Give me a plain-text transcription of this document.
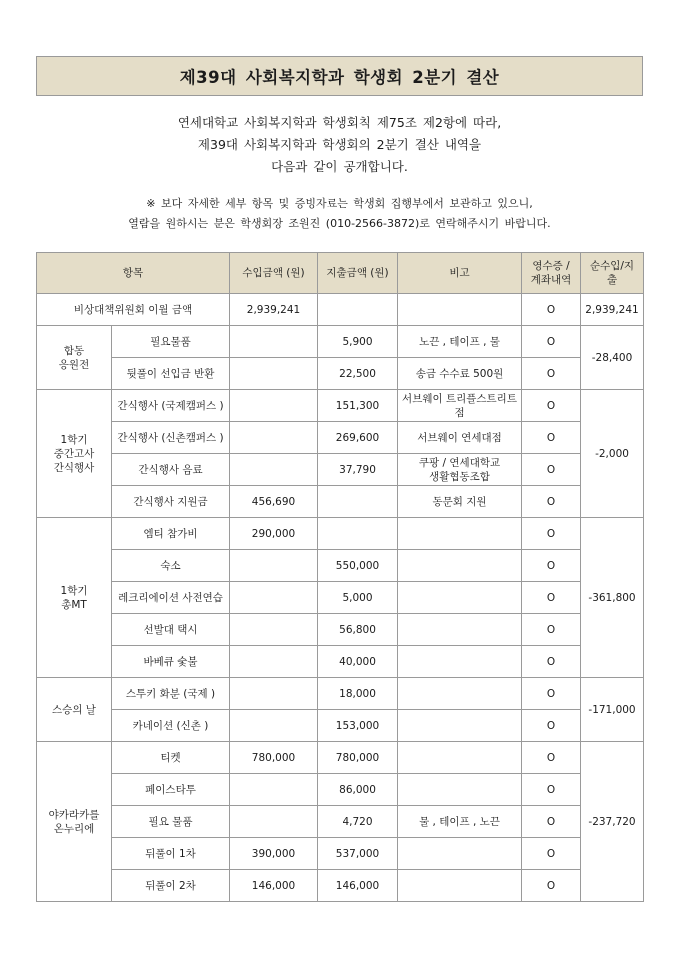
제39대 사회복지학과 학생회 2분기 결산
연세대학교 사회복지학과 학생회칙 제75조 제2항에 따라,
제39대 사회복지학과 학생회의 2분기 결산 내역을
다음과 같이 공개합니다.
※ 보다 자세한 세부 항목 및 증빙자료는 학생회 집행부에서 보관하고 있으니,
열람을 원하시는 분은 학생회장 조원진 (010-2566-3872)로 연락해주시기 바랍니다.
항목		수입금액 (원)	지출금액 (원)	비고	영수증 /
계좌내역	순수입/지출
비상대책위원회 이월 금액		2,939,241			O	2,939,241

합동
응원전	필요물품		5,900	노끈 , 테이프 , 물	O	-28,400
	뒷풀이 선입금 반환		22,500	송금 수수료 500원	O	

1학기
중간고사
간식행사	간식행사 (국제캠퍼스 )		151,300	서브웨이 트리플스트리트점	O	-2,000
	간식행사 (신촌캠퍼스 )		269,600	서브웨이 연세대점	O	
	간식행사 음료		37,790	쿠팡 / 연세대학교
생활협동조합	O	
	간식행사 지원금	456,690		동문회 지원	O	

1학기
총MT	엠티 참가비	290,000			O	-361,800
	숙소		550,000		O	
	레크리에이션 사전연습		5,000		O	
	선발대 택시		56,800		O	
	바베큐 숯불		40,000		O	
스승의 날	스투키 화분 (국제 )		18,000		O	-171,000
	카네이션 (신촌 )		153,000		O	

야카라카를
온누리에	티켓	780,000	780,000		O	-237,720
	페이스타투		86,000		O	
	필요 물품		4,720	물 , 테이프 , 노끈	O	
	뒤풀이 1차	390,000	537,000		O	
	뒤풀이 2차	146,000	146,000		O	
